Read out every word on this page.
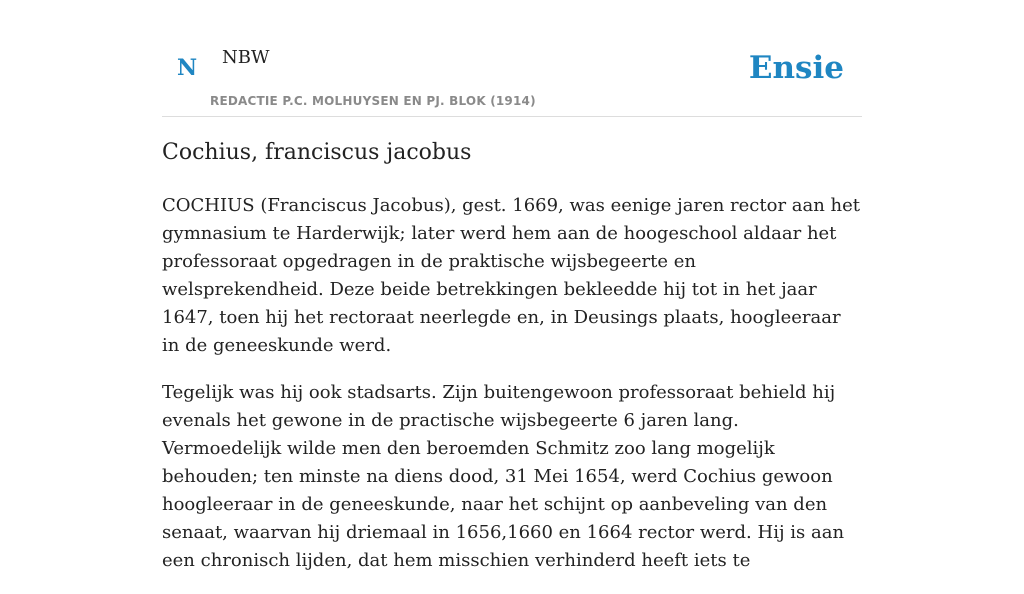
N NBW
REDACTIE P.C. MOLHUYSEN EN PJ. BLOK (1914)
Ensie
Cochius, franciscus jacobus

COCHIUS (Franciscus Jacobus), gest. 1669, was eenige jaren rector aan het gymnasium te Harderwijk; later werd hem aan de hoogeschool aldaar het professoraat opgedragen in de praktische wijsbegeerte en welsprekendheid. Deze beide betrekkingen bekleedde hij tot in het jaar 1647, toen hij het rectoraat neerlegde en, in Deusings plaats, hoogleeraar in de geneeskunde werd.

Tegelijk was hij ook stadsarts. Zijn buitengewoon professoraat behield hij evenals het gewone in de practische wijsbegeerte 6 jaren lang. Vermoedelijk wilde men den beroemden Schmitz zoo lang mogelijk behouden; ten minste na diens dood, 31 Mei 1654, werd Cochius gewoon hoogleeraar in de geneeskunde, naar het schijnt op aanbeveling van den senaat, waarvan hij driemaal in 1656,1660 en 1664 rector werd. Hij is aan een chronisch lijden, dat hem misschien verhinderd heeft iets te
